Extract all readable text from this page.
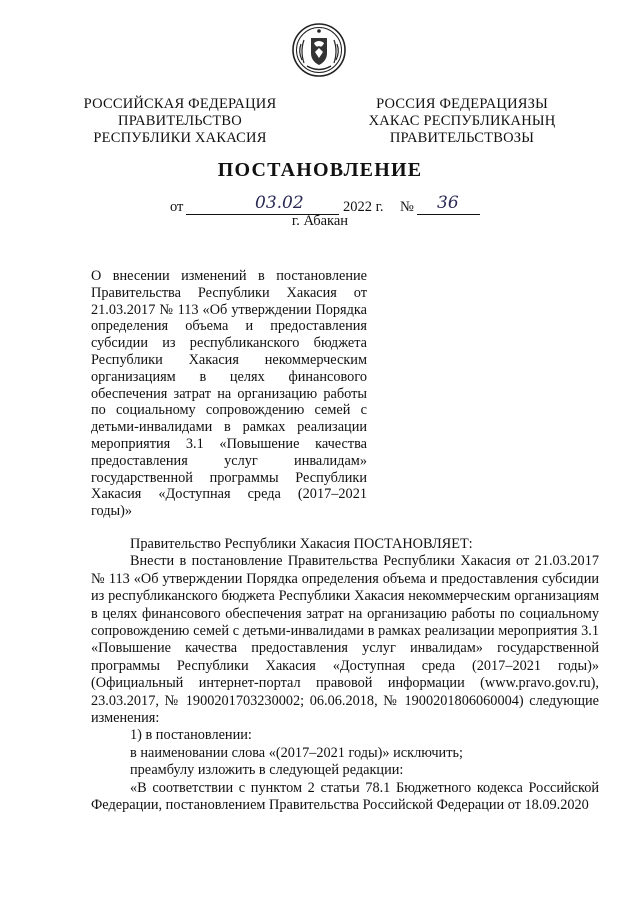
РОССИЙСКАЯ ФЕДЕРАЦИЯ
ПРАВИТЕЛЬСТВО
РЕСПУБЛИКИ ХАКАСИЯ
РОССИЯ ФЕДЕРАЦИЯЗЫ
ХАКАС РЕСПУБЛИКАНЫҢ
ПРАВИТЕЛЬСТВОЗЫ
ПОСТАНОВЛЕНИЕ
от	03.02	2022 г. № 36
г. Абакан
О внесении изменений в постановление Правительства Республики Хакасия от 21.03.2017 № 113 «Об утверждении Порядка определения объема и предоставления субсидии из республиканского бюджета Республики Хакасия некоммерческим организациям в целях финансового обеспечения затрат на организацию работы по социальному сопровождению семей с детьми-инвалидами в рамках реализации мероприятия 3.1 «Повышение качества предоставления услуг инвалидам» государственной программы Республики Хакасия «Доступная среда (2017–2021 годы)»

Правительство Республики Хакасия ПОСТАНОВЛЯЕТ:

Внести в постановление Правительства Республики Хакасия от 21.03.2017 № 113 «Об утверждении Порядка определения объема и предоставления субсидии из республиканского бюджета Республики Хакасия некоммерческим организациям в целях финансового обеспечения затрат на организацию работы по социальному сопровождению семей с детьми-инвалидами в рамках реализации мероприятия 3.1 «Повышение качества предоставления услуг инвалидам» государственной программы Республики Хакасия «Доступная среда (2017–2021 годы)» (Официальный интернет-портал правовой информации (www.pravo.gov.ru), 23.03.2017, № 1900201703230002; 06.06.2018, № 1900201806060004) следующие изменения:

1) в постановлении:

в наименовании слова «(2017–2021 годы)» исключить;

преамбулу изложить в следующей редакции:

«В соответствии с пунктом 2 статьи 78.1 Бюджетного кодекса Российской Федерации, постановлением Правительства Российской Федерации от 18.09.2020
